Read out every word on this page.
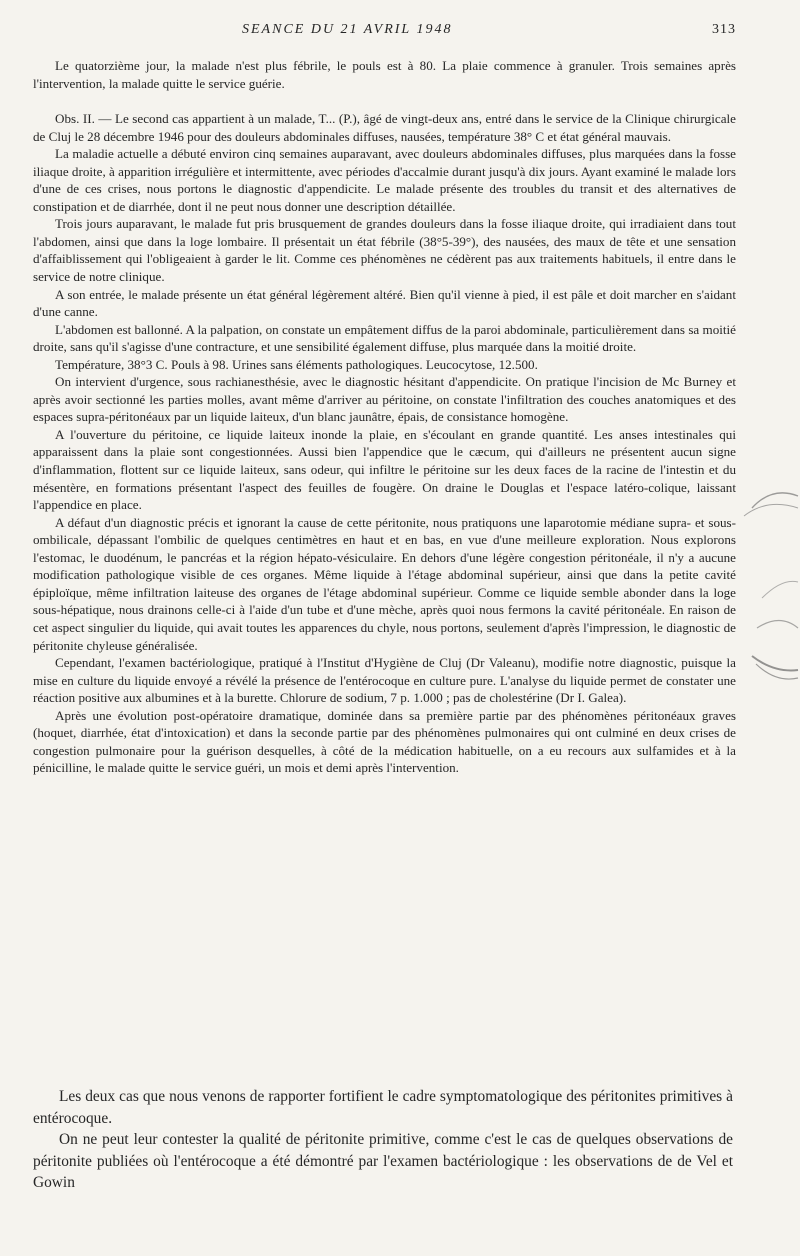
SEANCE DU 21 AVRIL 1948	313

Le quatorzième jour, la malade n'est plus fébrile, le pouls est à 80. La plaie commence à granuler. Trois semaines après l'intervention, la malade quitte le service guérie.

Obs. II. — Le second cas appartient à un malade, T... (P.), âgé de vingt-deux ans, entré dans le service de la Clinique chirurgicale de Cluj le 28 décembre 1946 pour des douleurs abdominales diffuses, nausées, température 38° C et état général mauvais.

La maladie actuelle a débuté environ cinq semaines auparavant, avec douleurs abdominales diffuses, plus marquées dans la fosse iliaque droite, à apparition irrégulière et intermittente, avec périodes d'accalmie durant jusqu'à dix jours. Ayant examiné le malade lors d'une de ces crises, nous portons le diagnostic d'appendicite. Le malade présente des troubles du transit et des alternatives de constipation et de diarrhée, dont il ne peut nous donner une description détaillée.

Trois jours auparavant, le malade fut pris brusquement de grandes douleurs dans la fosse iliaque droite, qui irradiaient dans tout l'abdomen, ainsi que dans la loge lombaire. Il présentait un état fébrile (38°5-39°), des nausées, des maux de tête et une sensation d'affaiblissement qui l'obligeaient à garder le lit. Comme ces phénomènes ne cédèrent pas aux traitements habituels, il entre dans le service de notre clinique.

A son entrée, le malade présente un état général légèrement altéré. Bien qu'il vienne à pied, il est pâle et doit marcher en s'aidant d'une canne.

L'abdomen est ballonné. A la palpation, on constate un empâtement diffus de la paroi abdominale, particulièrement dans sa moitié droite, sans qu'il s'agisse d'une contracture, et une sensibilité également diffuse, plus marquée dans la moitié droite.

Température, 38°3 C. Pouls à 98. Urines sans éléments pathologiques. Leucocytose, 12.500.

On intervient d'urgence, sous rachianesthésie, avec le diagnostic hésitant d'appendicite. On pratique l'incision de Mc Burney et après avoir sectionné les parties molles, avant même d'arriver au péritoine, on constate l'infiltration des couches anatomiques et des espaces supra-péritonéaux par un liquide laiteux, d'un blanc jaunâtre, épais, de consistance homogène.

A l'ouverture du péritoine, ce liquide laiteux inonde la plaie, en s'écoulant en grande quantité. Les anses intestinales qui apparaissent dans la plaie sont congestionnées. Aussi bien l'appendice que le cæcum, qui d'ailleurs ne présentent aucun signe d'inflammation, flottent sur ce liquide laiteux, sans odeur, qui infiltre le péritoine sur les deux faces de la racine de l'intestin et du mésentère, en formations présentant l'aspect des feuilles de fougère. On draine le Douglas et l'espace latéro-colique, laissant l'appendice en place.

A défaut d'un diagnostic précis et ignorant la cause de cette péritonite, nous pratiquons une laparotomie médiane supra- et sous-ombilicale, dépassant l'ombilic de quelques centimètres en haut et en bas, en vue d'une meilleure exploration. Nous explorons l'estomac, le duodénum, le pancréas et la région hépato-vésiculaire. En dehors d'une légère congestion péritonéale, il n'y a aucune modification pathologique visible de ces organes. Même liquide à l'étage abdominal supérieur, ainsi que dans la petite cavité épiploïque, même infiltration laiteuse des organes de l'étage abdominal supérieur. Comme ce liquide semble abonder dans la loge sous-hépatique, nous drainons celle-ci à l'aide d'un tube et d'une mèche, après quoi nous fermons la cavité péritonéale. En raison de cet aspect singulier du liquide, qui avait toutes les apparences du chyle, nous portons, seulement d'après l'impression, le diagnostic de péritonite chyleuse généralisée.

Cependant, l'examen bactériologique, pratiqué à l'Institut d'Hygiène de Cluj (Dr Valeanu), modifie notre diagnostic, puisque la mise en culture du liquide envoyé a révélé la présence de l'entérocoque en culture pure. L'analyse du liquide permet de constater une réaction positive aux albumines et à la burette. Chlorure de sodium, 7 p. 1.000 ; pas de cholestérine (Dr I. Galea).

Après une évolution post-opératoire dramatique, dominée dans sa première partie par des phénomènes péritonéaux graves (hoquet, diarrhée, état d'intoxication) et dans la seconde partie par des phénomènes pulmonaires qui ont culminé en deux crises de congestion pulmonaire pour la guérison desquelles, à côté de la médication habituelle, on a eu recours aux sulfamides et à la pénicilline, le malade quitte le service guéri, un mois et demi après l'intervention.

Les deux cas que nous venons de rapporter fortifient le cadre symptomatologique des péritonites primitives à entérocoque.

On ne peut leur contester la qualité de péritonite primitive, comme c'est le cas de quelques observations de péritonite publiées où l'entérocoque a été démontré par l'examen bactériologique : les observations de de Vel et Gowin
